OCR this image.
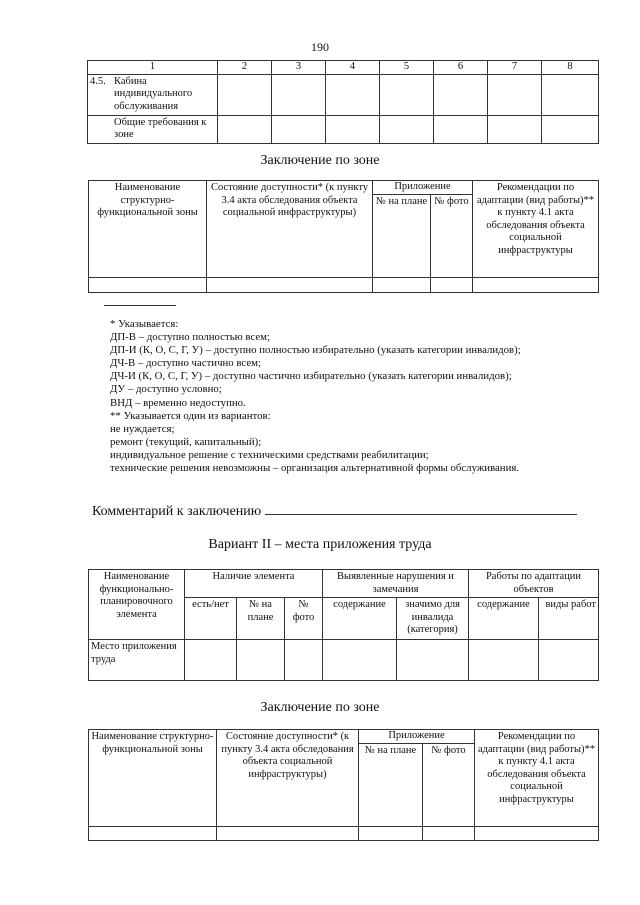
190
1	2	3	4	5	6	7	8

4.5. Кабина индивидуального обслуживания							

Общие требования к зоне							

Заключение по зоне
Наименование структурно-функциональной зоны	Состояние доступности* (к пункту 3.4 акта обследования объекта социальной инфраструктуры)	Приложение		Рекомендации по адаптации (вид работы)** к пункту 4.1 акта обследования объекта социальной инфраструктуры
		№ на плане	№ фото	

* Указывается:
ДП-В – доступно полностью всем;
ДП-И (К, О, С, Г, У) – доступно полностью избирательно (указать категории инвалидов);
ДЧ-В – доступно частично всем;
ДЧ-И (К, О, С, Г, У) – доступно частично избирательно (указать категории инвалидов);
ДУ – доступно условно;
ВНД – временно недоступно.
** Указывается один из вариантов:
не нуждается;
ремонт (текущий, капитальный);
индивидуальное решение с техническими средствами реабилитации;
технические решения невозможны – организация альтернативной формы обслуживания.
Комментарий к заключению
Вариант II – места приложения труда
Наименование функционально-планировочного элемента	Наличие элемента			Выявленные нарушения и замечания		Работы по адаптации объектов	
	есть/нет	№ на плане	№ фото	содержание	значимо для инвалида (категория)	содержание	виды работ
Место приложения труда							
Заключение по зоне
Наименование структурно-функциональной зоны	Состояние доступности* (к пункту 3.4 акта обследования объекта социальной инфраструктуры)	Приложение		Рекомендации по адаптации (вид работы)** к пункту 4.1 акта обследования объекта социальной инфраструктуры
		№ на плане	№ фото	
